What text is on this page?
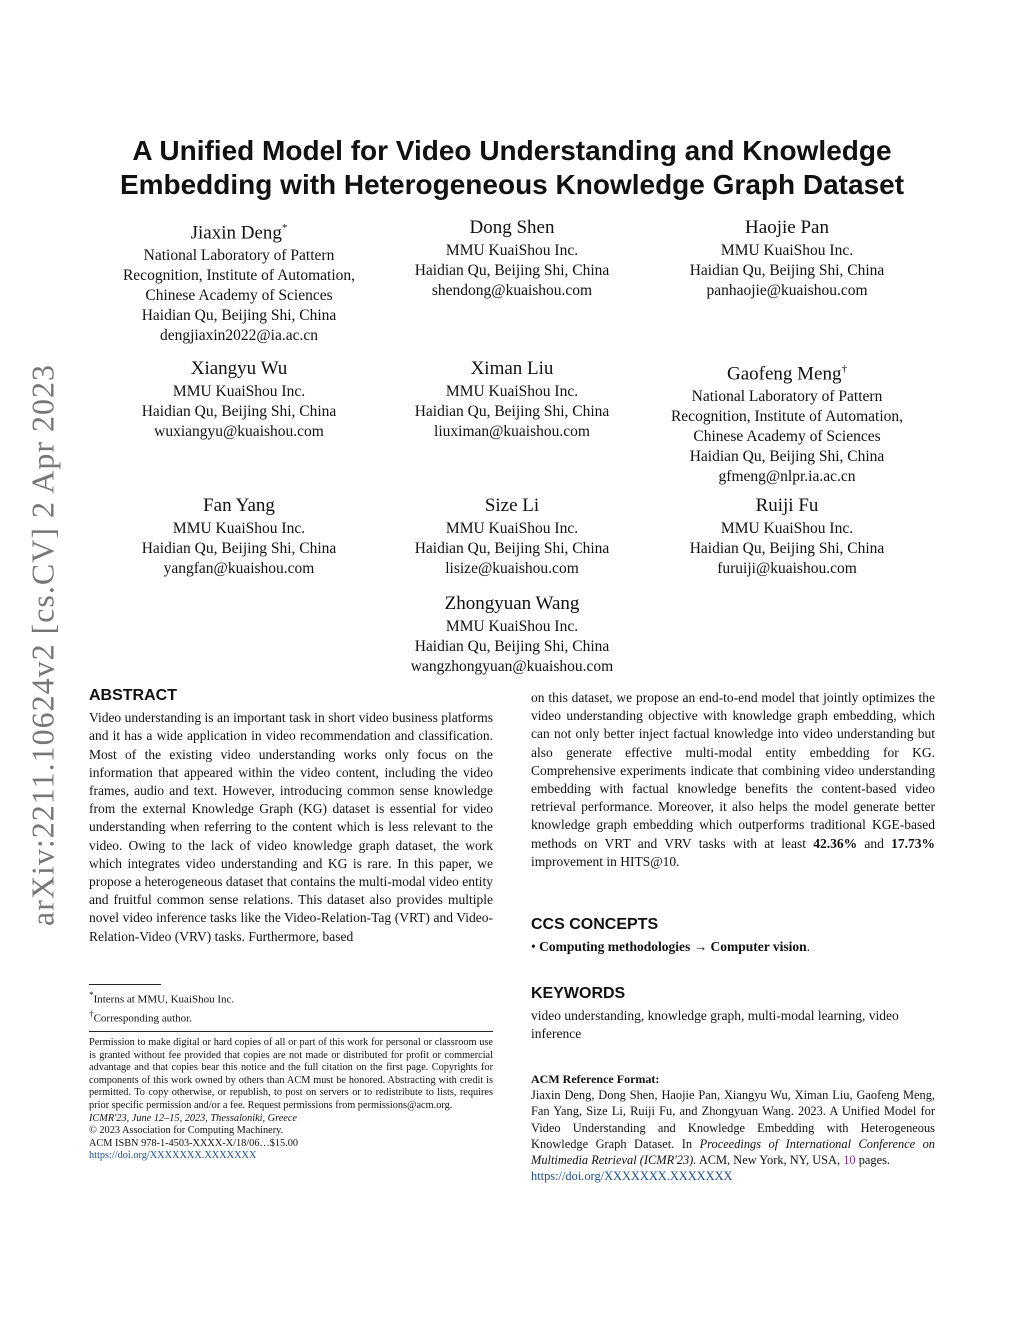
arXiv:2211.10624v2 [cs.CV] 2 Apr 2023
A Unified Model for Video Understanding and Knowledge
Embedding with Heterogeneous Knowledge Graph Dataset
Jiaxin Deng*
National Laboratory of Pattern
Recognition, Institute of Automation,
Chinese Academy of Sciences
Haidian Qu, Beijing Shi, China
dengjiaxin2022@ia.ac.cn
Dong Shen
MMU KuaiShou Inc.
Haidian Qu, Beijing Shi, China
shendong@kuaishou.com
Haojie Pan
MMU KuaiShou Inc.
Haidian Qu, Beijing Shi, China
panhaojie@kuaishou.com
Xiangyu Wu
MMU KuaiShou Inc.
Haidian Qu, Beijing Shi, China
wuxiangyu@kuaishou.com
Ximan Liu
MMU KuaiShou Inc.
Haidian Qu, Beijing Shi, China
liuximan@kuaishou.com
Gaofeng Meng†
National Laboratory of Pattern
Recognition, Institute of Automation,
Chinese Academy of Sciences
Haidian Qu, Beijing Shi, China
gfmeng@nlpr.ia.ac.cn
Fan Yang
MMU KuaiShou Inc.
Haidian Qu, Beijing Shi, China
yangfan@kuaishou.com
Size Li
MMU KuaiShou Inc.
Haidian Qu, Beijing Shi, China
lisize@kuaishou.com
Ruiji Fu
MMU KuaiShou Inc.
Haidian Qu, Beijing Shi, China
furuiji@kuaishou.com
Zhongyuan Wang
MMU KuaiShou Inc.
Haidian Qu, Beijing Shi, China
wangzhongyuan@kuaishou.com
ABSTRACT

Video understanding is an important task in short video business platforms and it has a wide application in video recommendation and classification. Most of the existing video understanding works only focus on the information that appeared within the video content, including the video frames, audio and text. However, introducing common sense knowledge from the external Knowledge Graph (KG) dataset is essential for video understanding when referring to the content which is less relevant to the video. Owing to the lack of video knowledge graph dataset, the work which integrates video understanding and KG is rare. In this paper, we propose a heterogeneous dataset that contains the multi-modal video entity and fruitful common sense relations. This dataset also provides multiple novel video inference tasks like the Video-Relation-Tag (VRT) and Video-Relation-Video (VRV) tasks. Furthermore, based

*Interns at MMU, KuaiShou Inc.
†Corresponding author.

Permission to make digital or hard copies of all or part of this work for personal or classroom use is granted without fee provided that copies are not made or distributed for profit or commercial advantage and that copies bear this notice and the full citation on the first page. Copyrights for components of this work owned by others than ACM must be honored. Abstracting with credit is permitted. To copy otherwise, or republish, to post on servers or to redistribute to lists, requires prior specific permission and/or a fee. Request permissions from permissions@acm.org.

ICMR'23, June 12–15, 2023, Thessaloniki, Greece
© 2023 Association for Computing Machinery.
ACM ISBN 978-1-4503-XXXX-X/18/06…$15.00
https://doi.org/XXXXXXX.XXXXXXX

on this dataset, we propose an end-to-end model that jointly optimizes the video understanding objective with knowledge graph embedding, which can not only better inject factual knowledge into video understanding but also generate effective multi-modal entity embedding for KG. Comprehensive experiments indicate that combining video understanding embedding with factual knowledge benefits the content-based video retrieval performance. Moreover, it also helps the model generate better knowledge graph embedding which outperforms traditional KGE-based methods on VRT and VRV tasks with at least 42.36% and 17.73% improvement in HITS@10.

CCS CONCEPTS
• Computing methodologies → Computer vision.
KEYWORDS

video understanding, knowledge graph, multi-modal learning, video inference

ACM Reference Format:

Jiaxin Deng, Dong Shen, Haojie Pan, Xiangyu Wu, Ximan Liu, Gaofeng Meng, Fan Yang, Size Li, Ruiji Fu, and Zhongyuan Wang. 2023. A Unified Model for Video Understanding and Knowledge Embedding with Heterogeneous Knowledge Graph Dataset. In Proceedings of International Conference on Multimedia Retrieval (ICMR'23). ACM, New York, NY, USA, 10 pages.

https://doi.org/XXXXXXX.XXXXXXX
